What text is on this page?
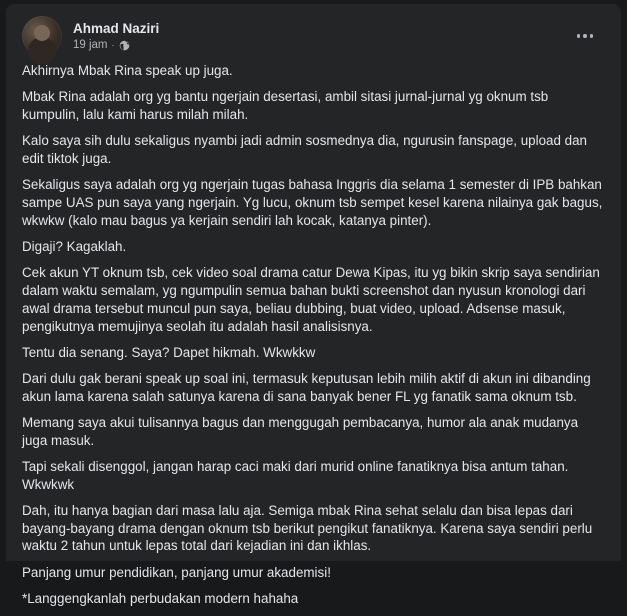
Ahmad Naziri
19 jam ·

Akhirnya Mbak Rina speak up juga.

Mbak Rina adalah org yg bantu ngerjain desertasi, ambil sitasi jurnal-jurnal yg oknum tsb kumpulin, lalu kami harus milah milah.

Kalo saya sih dulu sekaligus nyambi jadi admin sosmednya dia, ngurusin fanspage, upload dan edit tiktok juga.

Sekaligus saya adalah org yg ngerjain tugas bahasa Inggris dia selama 1 semester di IPB bahkan sampe UAS pun saya yang ngerjain. Yg lucu, oknum tsb sempet kesel karena nilainya gak bagus, wkwkw (kalo mau bagus ya kerjain sendiri lah kocak, katanya pinter).

Digaji? Kagaklah.

Cek akun YT oknum tsb, cek video soal drama catur Dewa Kipas, itu yg bikin skrip saya sendirian dalam waktu semalam, yg ngumpulin semua bahan bukti screenshot dan nyusun kronologi dari awal drama tersebut muncul pun saya, beliau dubbing, buat video, upload. Adsense masuk, pengikutnya memujinya seolah itu adalah hasil analisisnya.

Tentu dia senang. Saya? Dapet hikmah. Wkwkkw

Dari dulu gak berani speak up soal ini, termasuk keputusan lebih milih aktif di akun ini dibanding akun lama karena salah satunya karena di sana banyak bener FL yg fanatik sama oknum tsb.

Memang saya akui tulisannya bagus dan menggugah pembacanya, humor ala anak mudanya juga masuk.

Tapi sekali disenggol, jangan harap caci maki dari murid online fanatiknya bisa antum tahan. Wkwkwk

Dah, itu hanya bagian dari masa lalu aja. Semiga mbak Rina sehat selalu dan bisa lepas dari bayang-bayang drama dengan oknum tsb berikut pengikut fanatiknya. Karena saya sendiri perlu waktu 2 tahun untuk lepas total dari kejadian ini dan ikhlas.

Panjang umur pendidikan, panjang umur akademisi!

*Langgengkanlah perbudakan modern hahaha
